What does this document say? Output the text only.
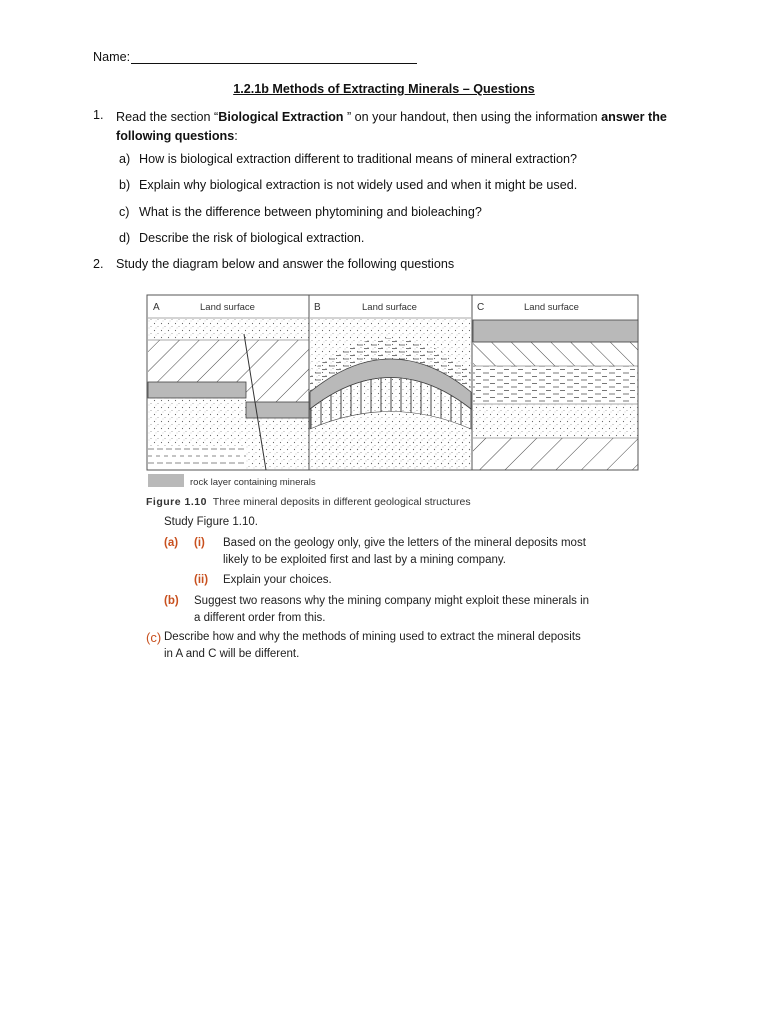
Name:
1.2.1b Methods of Extracting Minerals – Questions
1. Read the section “Biological Extraction ” on your handout, then using the information answer the following questions:
a) How is biological extraction different to traditional means of mineral extraction?
b) Explain why biological extraction is not widely used and when it might be used.
c) What is the difference between phytomining and bioleaching?
d) Describe the risk of biological extraction.
2. Study the diagram below and answer the following questions
A	Land surface	B	Land surface	C	Land surface
rock layer containing minerals
Figure 1.10 Three mineral deposits in different geological structures
Study Figure 1.10.
(a) (i) Based on the geology only, give the letters of the mineral deposits most
likely to be exploited first and last by a mining company.
(ii) Explain your choices.
(b) Suggest two reasons why the mining company might exploit these minerals in
a different order from this.
(c) Describe how and why the methods of mining used to extract the mineral deposits
in A and C will be different.
